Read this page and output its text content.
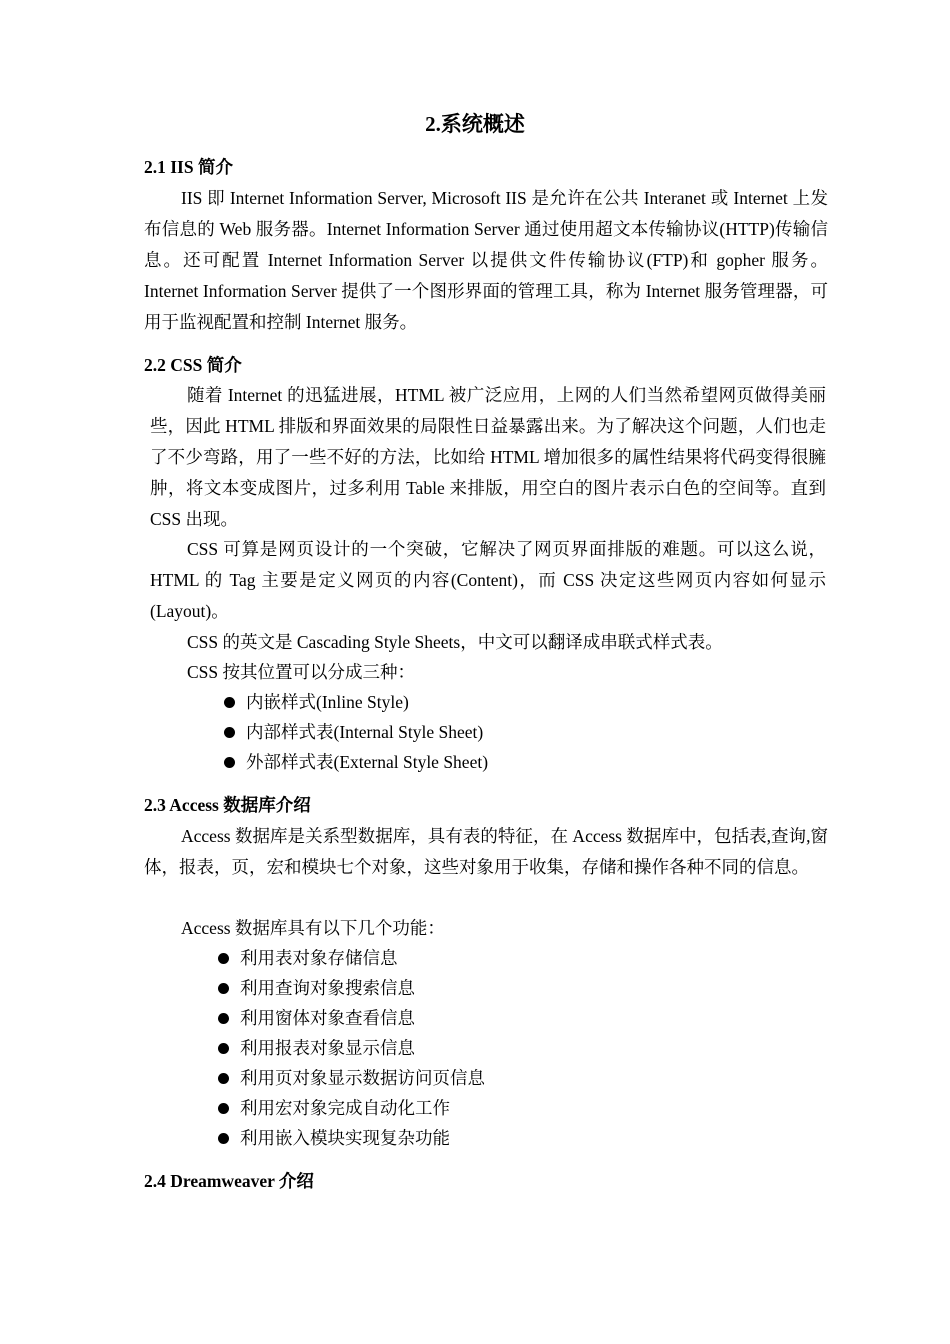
2.系统概述
2.1 IIS 简介
IIS 即 Internet Information Server, Microsoft IIS 是允许在公共 Interanet 或 Internet 上发布信息的 Web 服务器。Internet Information Server 通过使用超文本传输协议(HTTP)传输信息。还可配置 Internet Information Server 以提供文件传输协议(FTP)和 gopher 服务。Internet Information Server 提供了一个图形界面的管理工具，称为 Internet 服务管理器，可用于监视配置和控制 Internet 服务。
2.2 CSS 简介
随着 Internet 的迅猛进展，HTML 被广泛应用，上网的人们当然希望网页做得美丽些，因此 HTML 排版和界面效果的局限性日益暴露出来。为了解决这个问题，人们也走了不少弯路，用了一些不好的方法，比如给 HTML 增加很多的属性结果将代码变得很臃肿，将文本变成图片，过多利用 Table 来排版，用空白的图片表示白色的空间等。直到 CSS 出现。
CSS 可算是网页设计的一个突破，它解决了网页界面排版的难题。可以这么说，HTML 的 Tag 主要是定义网页的内容(Content)，而 CSS 决定这些网页内容如何显示(Layout)。
CSS 的英文是 Cascading Style Sheets，中文可以翻译成串联式样式表。
CSS 按其位置可以分成三种：
内嵌样式(Inline Style)
内部样式表(Internal Style Sheet)
外部样式表(External Style Sheet)
2.3 Access 数据库介绍
Access 数据库是关系型数据库，具有表的特征，在 Access 数据库中，包括表,查询,窗体，报表，页，宏和模块七个对象，这些对象用于收集，存储和操作各种不同的信息。
Access 数据库具有以下几个功能：
利用表对象存储信息
利用查询对象搜索信息
利用窗体对象查看信息
利用报表对象显示信息
利用页对象显示数据访问页信息
利用宏对象完成自动化工作
利用嵌入模块实现复杂功能
2.4 Dreamweaver 介绍
